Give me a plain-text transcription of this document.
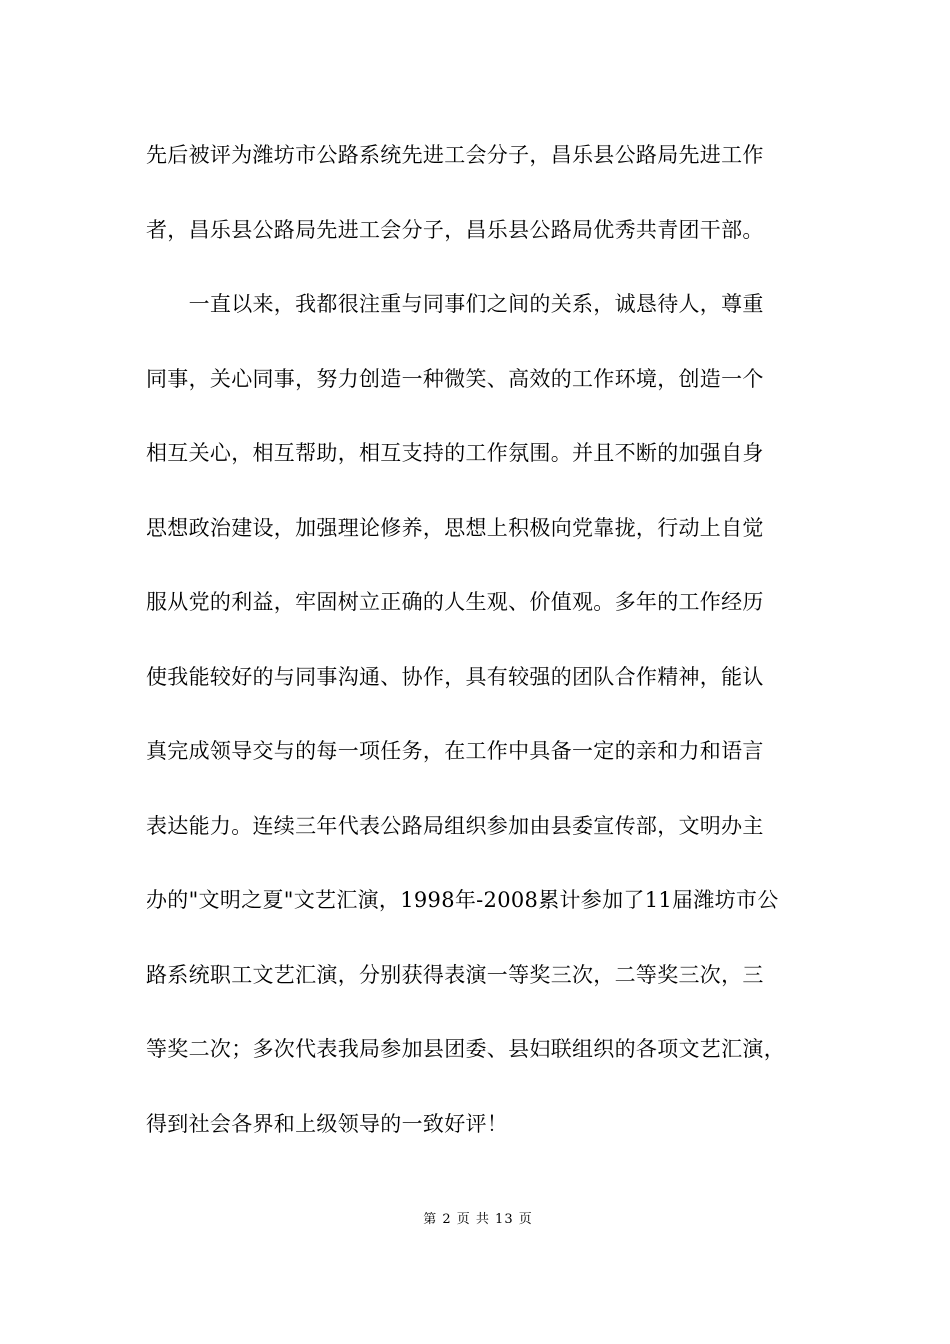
先后被评为潍坊市公路系统先进工会分子，昌乐县公路局先进工作
者，昌乐县公路局先进工会分子，昌乐县公路局优秀共青团干部。
　　一直以来，我都很注重与同事们之间的关系，诚恳待人，尊重
同事，关心同事，努力创造一种微笑、高效的工作环境，创造一个
相互关心，相互帮助，相互支持的工作氛围。并且不断的加强自身
思想政治建设，加强理论修养，思想上积极向党靠拢，行动上自觉
服从党的利益，牢固树立正确的人生观、价值观。多年的工作经历
使我能较好的与同事沟通、协作，具有较强的团队合作精神，能认
真完成领导交与的每一项任务，在工作中具备一定的亲和力和语言
表达能力。连续三年代表公路局组织参加由县委宣传部，文明办主
办的"文明之夏"文艺汇演，1998年-2008累计参加了11届潍坊市公
路系统职工文艺汇演，分别获得表演一等奖三次，二等奖三次，三
等奖二次；多次代表我局参加县团委、县妇联组织的各项文艺汇演，
得到社会各界和上级领导的一致好评！
第 2 页 共 13 页
